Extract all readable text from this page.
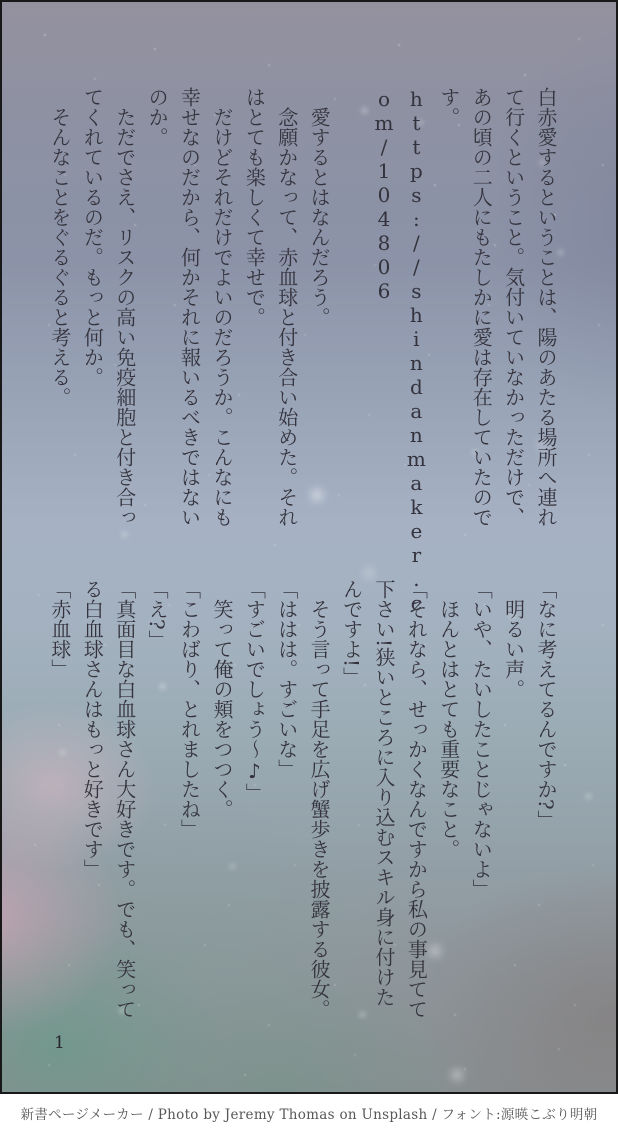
白赤愛するということは、陽のあたる場所へ連れ

て行くということ。気付いていなかっただけで、

あの頃の二人にもたしかに愛は存在していたので

す。

https://shindanmaker.c

om/104806

愛するとはなんだろう。

念願かなって、赤血球と付き合い始めた。それ

はとても楽しくて幸せで。

だけどそれだけでよいのだろうか。こんなにも

幸せなのだから、何かそれに報いるべきではない

のか。

ただでさえ、リスクの高い免疫細胞と付き合っ

てくれているのだ。もっと何か。

そんなことをぐるぐると考える。

「なに考えてるんですか?」

明るい声。

「いや、たいしたことじゃないよ」

ほんとはとても重要なこと。

「それなら、せっかくなんですから私の事見てて

下さい!狭いところに入り込むスキル身に付けた

んですよ!」

そう言って手足を広げ蟹歩きを披露する彼女。

「ははは。すごいな」

「すごいでしょう〜♪」

笑って俺の頬をつつく。

「こわばり、とれましたね」

「え?」

「真面目な白血球さん大好きです。でも、笑って

る白血球さんはもっと好きです」

「赤血球」

1
新書ページメーカー / Photo by Jeremy Thomas on Unsplash / フォント:源暎こぶり明朝
